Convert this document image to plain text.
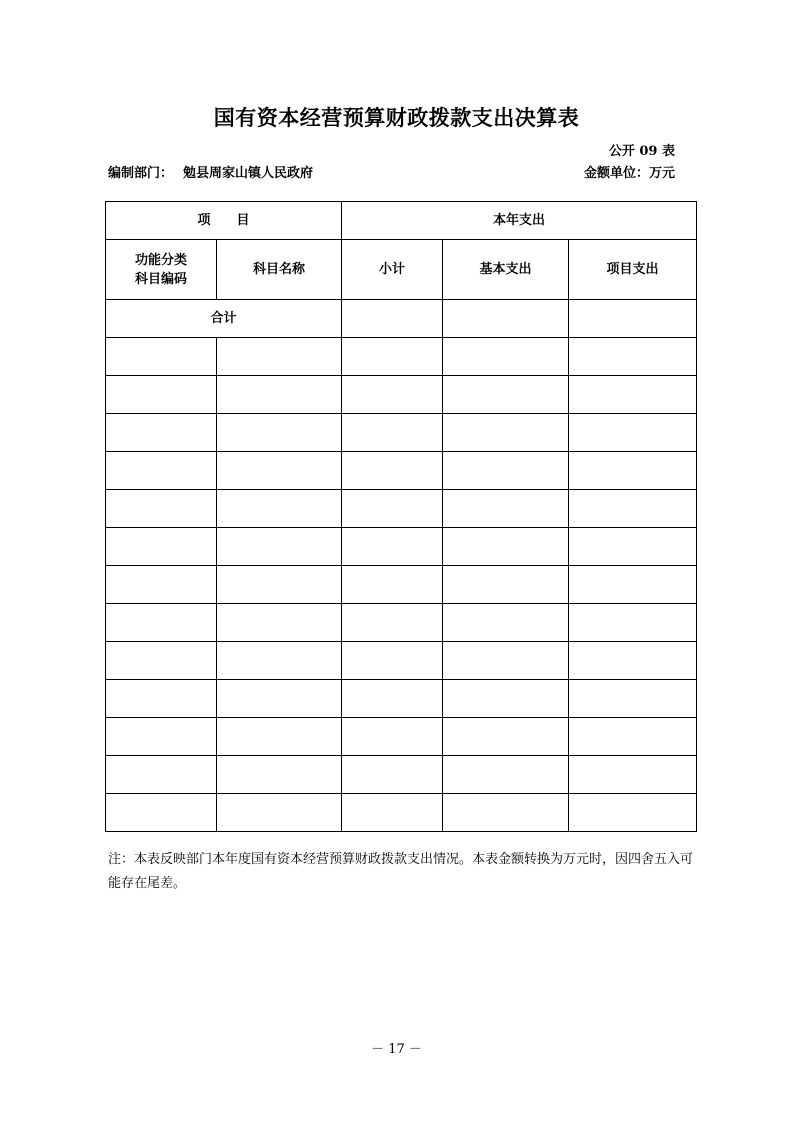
国有资本经营预算财政拨款支出决算表
公开 09 表
编制部门： 勉县周家山镇人民政府	金额单位：万元
项　　目		本年支出		

功能分类
科目编码	科目名称	小计	基本支出	项目支出
合计				

注：本表反映部门本年度国有资本经营预算财政拨款支出情况。本表金额转换为万元时，因四舍五入可能存在尾差。
－ 17 －
